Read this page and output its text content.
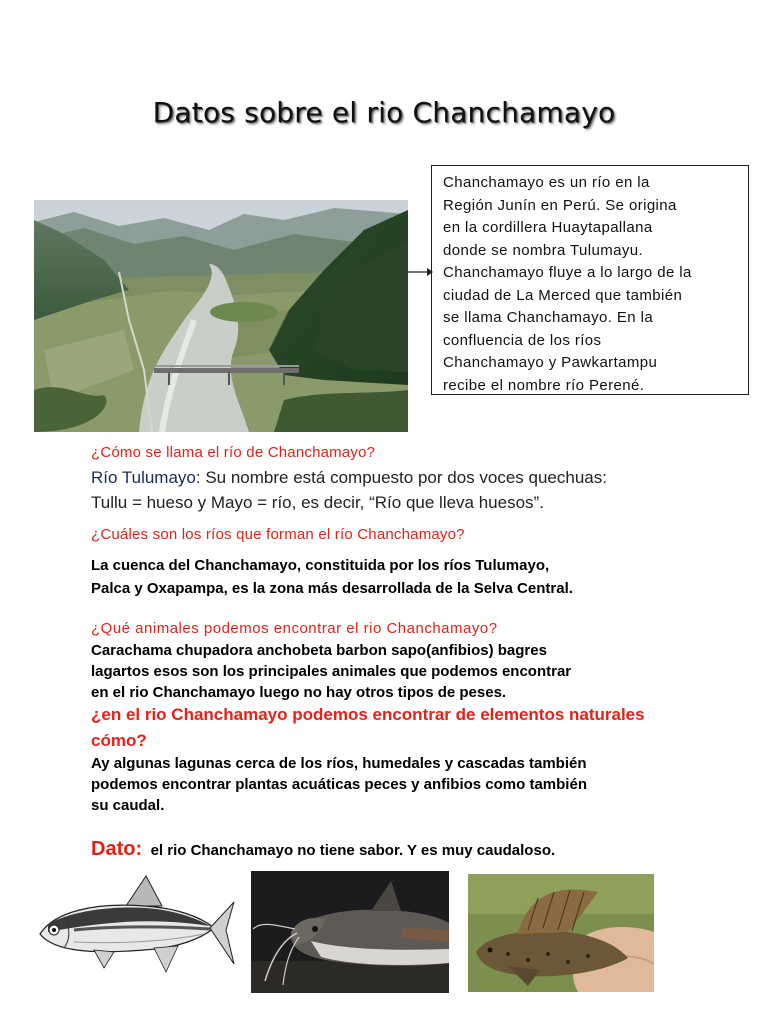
Datos sobre el rio Chanchamayo
Chanchamayo es un río en la
Región Junín en Perú. Se origina
en la cordillera Huaytapallana
donde se nombra Tulumayu.
Chanchamayo fluye a lo largo de la
ciudad de La Merced que también
se llama Chanchamayo. En la
confluencia de los ríos
Chanchamayo y Pawkartampu
recibe el nombre río Perené.
¿Cómo se llama el río de Chanchamayo?
Río Tulumayo: Su nombre está compuesto por dos voces quechuas:
Tullu = hueso y Mayo = río, es decir, “Río que lleva huesos”.
¿Cuáles son los ríos que forman el río Chanchamayo?
La cuenca del Chanchamayo, constituida por los ríos Tulumayo,
Palca y Oxapampa, es la zona más desarrollada de la Selva Central.
¿Qué animales podemos encontrar el rio Chanchamayo?
Carachama chupadora anchobeta barbon sapo(anfibios) bagres
lagartos esos son los principales animales que podemos encontrar
en el rio Chanchamayo luego no hay otros tipos de peses.
¿en el rio Chanchamayo podemos encontrar de elementos naturales
cómo?
Ay algunas lagunas cerca de los ríos, humedales y cascadas también
podemos encontrar plantas acuáticas peces y anfibios como también
su caudal.
Dato: el rio Chanchamayo no tiene sabor. Y es muy caudaloso.
